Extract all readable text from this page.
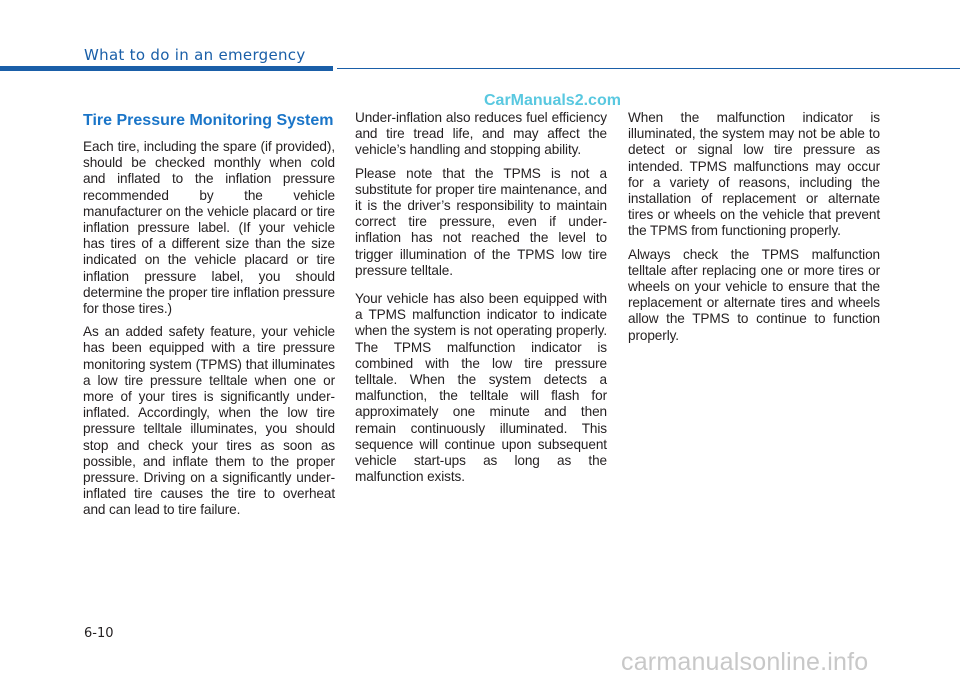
What to do in an emergency
CarManuals2.com
Tire Pressure Monitoring System

Each tire, including the spare (if provided), should be checked monthly when cold and inflated to the inflation pressure recommended by the vehicle manufacturer on the vehicle placard or tire inflation pressure label. (If your vehicle has tires of a different size than the size indicated on the vehicle placard or tire inflation pressure label, you should determine the proper tire inflation pressure for those tires.)

As an added safety feature, your vehicle has been equipped with a tire pressure monitoring system (TPMS) that illuminates a low tire pressure telltale when one or more of your tires is significantly under-inflated. Accordingly, when the low tire pressure telltale illuminates, you should stop and check your tires as soon as possible, and inflate them to the proper pressure. Driving on a significantly under-inflated tire causes the tire to overheat and can lead to tire failure.

Under-inflation also reduces fuel efficiency and tire tread life, and may affect the vehicle’s handling and stopping ability.

Please note that the TPMS is not a substitute for proper tire maintenance, and it is the driver’s responsibility to maintain correct tire pressure, even if under-inflation has not reached the level to trigger illumination of the TPMS low tire pressure telltale.

Your vehicle has also been equipped with a TPMS malfunction indicator to indicate when the system is not operating properly. The TPMS malfunction indicator is combined with the low tire pressure telltale. When the system detects a malfunction, the telltale will flash for approximately one minute and then remain continuously illuminated. This sequence will continue upon subsequent vehicle start-ups as long as the malfunction exists.

When the malfunction indicator is illuminated, the system may not be able to detect or signal low tire pressure as intended. TPMS malfunctions may occur for a variety of reasons, including the installation of replacement or alternate tires or wheels on the vehicle that prevent the TPMS from functioning properly.

Always check the TPMS malfunction telltale after replacing one or more tires or wheels on your vehicle to ensure that the replacement or alternate tires and wheels allow the TPMS to continue to function properly.

6-10
carmanualsonline.info
